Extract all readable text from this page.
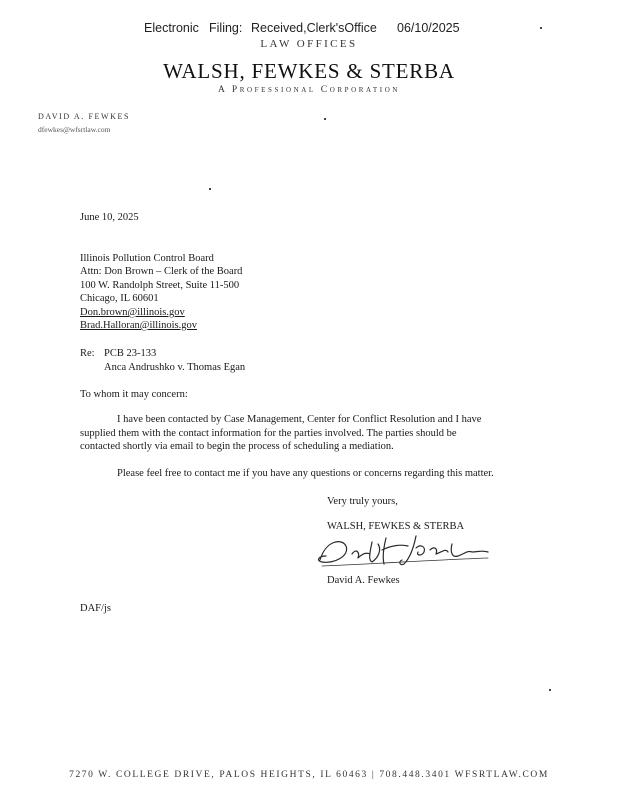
Electronic Filing: Received,Clerk'sOffice 06/10/2025
LAW OFFICES
WALSH, FEWKES & STERBA
A Professional Corporation
DAVID A. FEWKES
dfewkes@wfsrtlaw.com
June 10, 2025
Illinois Pollution Control Board
Attn: Don Brown – Clerk of the Board
100 W. Randolph Street, Suite 11-500
Chicago, IL 60601
Don.brown@illinois.gov
Brad.Halloran@illinois.gov
Re: PCB 23-133
Anca Andrushko v. Thomas Egan
To whom it may concern:
I have been contacted by Case Management, Center for Conflict Resolution and I have
supplied them with the contact information for the parties involved. The parties should be
contacted shortly via email to begin the process of scheduling a mediation.
Please feel free to contact me if you have any questions or concerns regarding this matter.
Very truly yours,
WALSH, FEWKES & STERBA
David A. Fewkes
DAF/js
7270 W. COLLEGE DRIVE, PALOS HEIGHTS, IL 60463 | 708.448.3401 WFSRTLAW.COM
